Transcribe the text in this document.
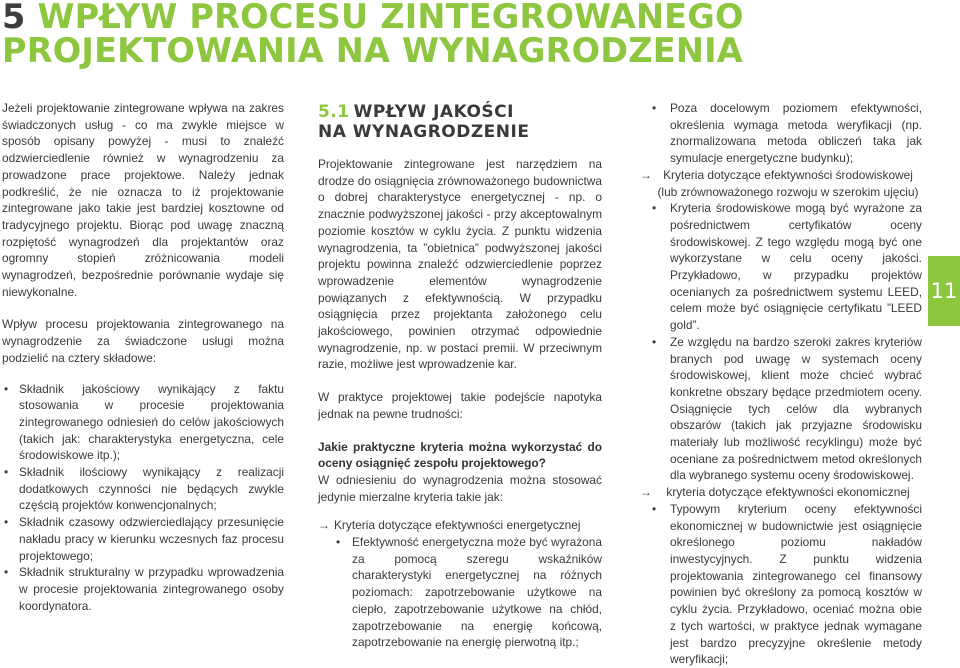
5 WPŁYW PROCESU ZINTEGROWANEGO
PROJEKTOWANIA NA WYNAGRODZENIA

Jeżeli projektowanie zintegrowane wpływa na zakres świadczonych usług - co ma zwykle miejsce w sposób opisany powyżej - musi to znaleźć odzwierciedlenie również w wynagrodzeniu za prowadzone prace projektowe. Należy jednak podkreślić, że nie oznacza to iż projektowanie zintegrowane jako takie jest bardziej kosztowne od tradycyjnego projektu. Biorąc pod uwagę znaczną rozpiętość wynagrodzeń dla projektantów oraz ogromny stopień zróżnicowania modeli wynagrodzeń, bezpośrednie porównanie wydaje się niewykonalne.

Wpływ procesu projektowania zintegrowanego na wynagrodzenie za świadczone usługi można podzielić na cztery składowe:

• Składnik jakościowy wynikający z faktu stosowania w procesie projektowania zintegrowanego odniesień do celów jakościowych (takich jak: charakterystyka energetyczna, cele środowiskowe itp.);
• Składnik ilościowy wynikający z realizacji dodatkowych czynności nie będących zwykle częścią projektów konwencjonalnych;
• Składnik czasowy odzwierciedlający przesunięcie nakładu pracy w kierunku wczesnych faz procesu projektowego;
• Składnik strukturalny w przypadku wprowadzenia w procesie projektowania zintegrowanego osoby koordynatora.
5.1 WPŁYW JAKOŚCI
NA WYNAGRODZENIE

Projektowanie zintegrowane jest narzędziem na drodze do osiągnięcia zrównoważonego budownictwa o dobrej charakterystyce energetycznej - np. o znacznie podwyższonej jakości - przy akceptowalnym poziomie kosztów w cyklu życia. Z punktu widzenia wynagrodzenia, ta ”obietnica” podwyższonej jakości projektu powinna znaleźć odzwierciedlenie poprzez wprowadzenie elementów wynagrodzenie powiązanych z efektywnością. W przypadku osiągnięcia przez projektanta założonego celu jakościowego, powinien otrzymać odpowiednie wynagrodzenie, np. w postaci premii. W przeciwnym razie, możliwe jest wprowadzenie kar.

W praktyce projektowej takie podejście napotyka jednak na pewne trudności:

Jakie praktyczne kryteria można wykorzystać do oceny osiągnięć zespołu projektowego?

W odniesieniu do wynagrodzenia można stosować jedynie mierzalne kryteria takie jak:

→ Kryteria dotyczące efektywności energetycznej
• Efektywność energetyczna może być wyrażona za pomocą szeregu wskaźników charakterystyki energetycznej na różnych poziomach: zapotrzebowanie użytkowe na ciepło, zapotrzebowanie użytkowe na chłód, zapotrzebowanie na energię końcową, zapotrzebowanie na energię pierwotną itp.;
• Poza docelowym poziomem efektywności, określenia wymaga metoda weryfikacji (np. znormalizowana metoda obliczeń taka jak symulacje energetyczne budynku);
→ Kryteria dotyczące efektywności środowiskowej (lub zrównoważonego rozwoju w szerokim ujęciu)
• Kryteria środowiskowe mogą być wyrażone za pośrednictwem certyfikatów oceny środowiskowej. Z tego względu mogą być one wykorzystane w celu oceny jakości. Przykładowo, w przypadku projektów ocenianych za pośrednictwem systemu LEED, celem może być osiągnięcie certyfikatu ”LEED gold”.
• Ze względu na bardzo szeroki zakres kryteriów branych pod uwagę w systemach oceny środowiskowej, klient może chcieć wybrać konkretne obszary będące przedmiotem oceny. Osiągnięcie tych celów dla wybranych obszarów (takich jak przyjazne środowisku materiały lub możliwość recyklingu) może być oceniane za pośrednictwem metod określonych dla wybranego systemu oceny środowiskowej.
→ kryteria dotyczące efektywności ekonomicznej
• Typowym kryterium oceny efektywności ekonomicznej w budownictwie jest osiągnięcie określonego poziomu nakładów inwestycyjnych. Z punktu widzenia projektowania zintegrowanego cel finansowy powinien być określony za pomocą kosztów w cyklu życia. Przykładowo, oceniać można obie z tych wartości, w praktyce jednak wymagane jest bardzo precyzyjne określenie metody weryfikacji;
11
